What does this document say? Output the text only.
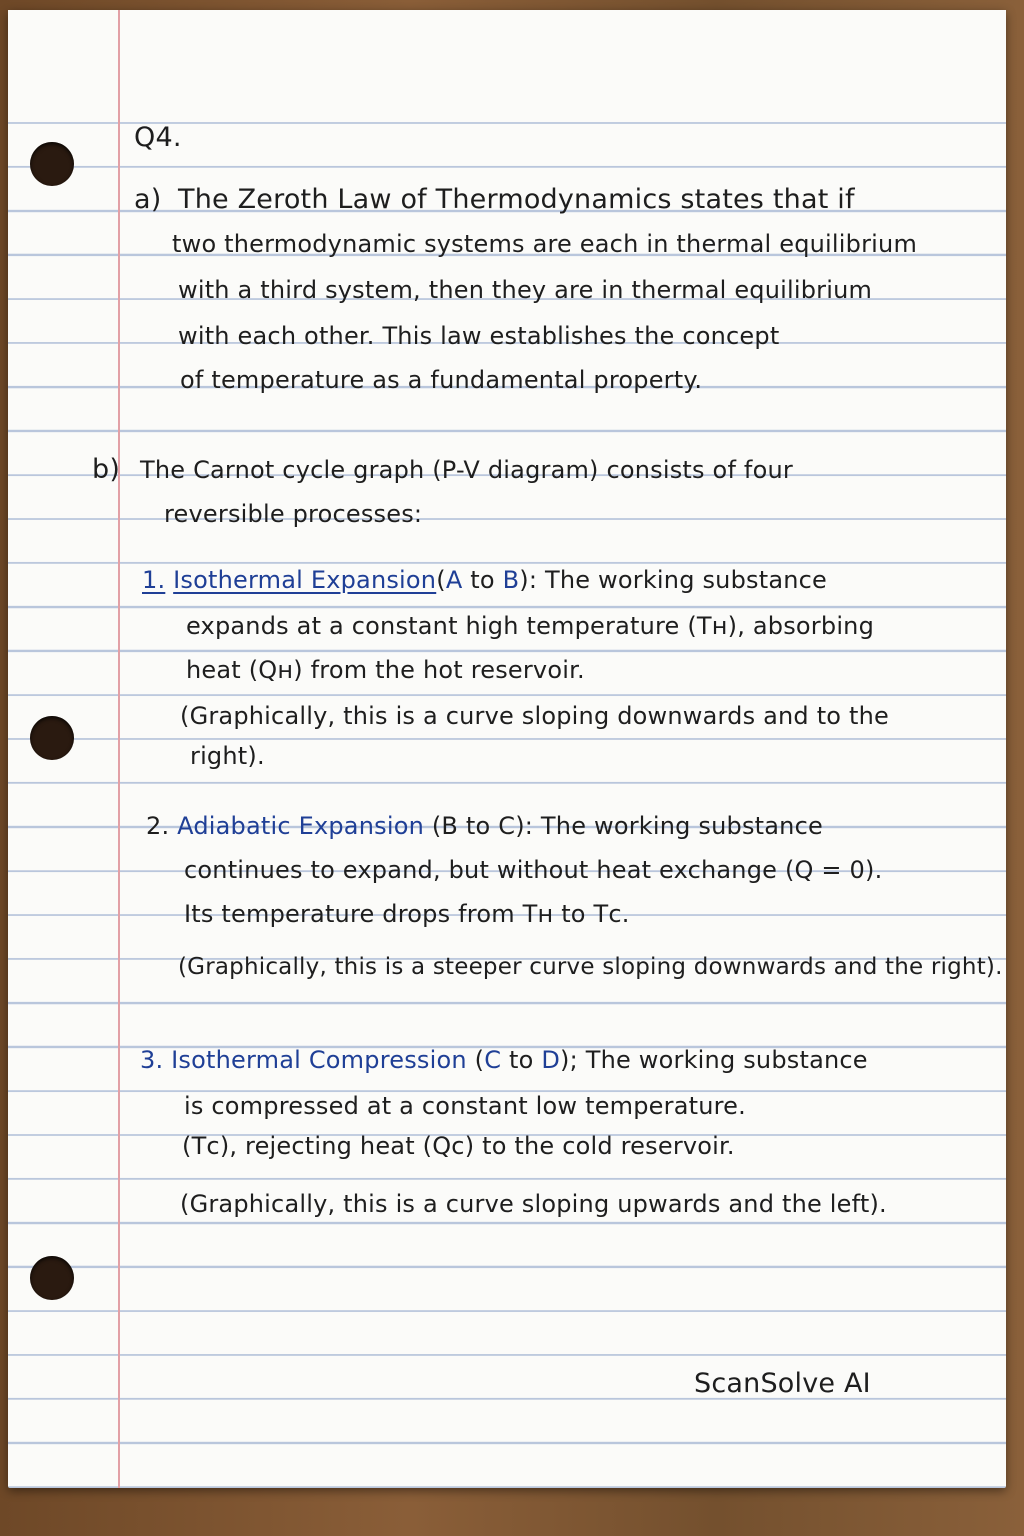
Q4.
a) The Zeroth Law of Thermodynamics states that if
two thermodynamic systems are each in thermal equilibrium
with a third system, then they are in thermal equilibrium
with each other. This law establishes the concept
of temperature as a fundamental property.
b) The Carnot cycle graph (P-V diagram) consists of four
reversible processes:
1. Isothermal Expansion(A to B): The working substance
expands at a constant high temperature (Tʜ), absorbing
heat (Qʜ) from the hot reservoir.
(Graphically, this is a curve sloping downwards and to the
right).
2. Adiabatic Expansion (B to C): The working substance
continues to expand, but without heat exchange (Q = 0).
Its temperature drops from Tʜ to Tᴄ.
(Graphically, this is a steeper curve sloping downwards and the right).
3. Isothermal Compression (C to D); The working substance
is compressed at a constant low temperature.
(Tᴄ), rejecting heat (Qᴄ) to the cold reservoir.
(Graphically, this is a curve sloping upwards and the left).
ScanSolve AI
